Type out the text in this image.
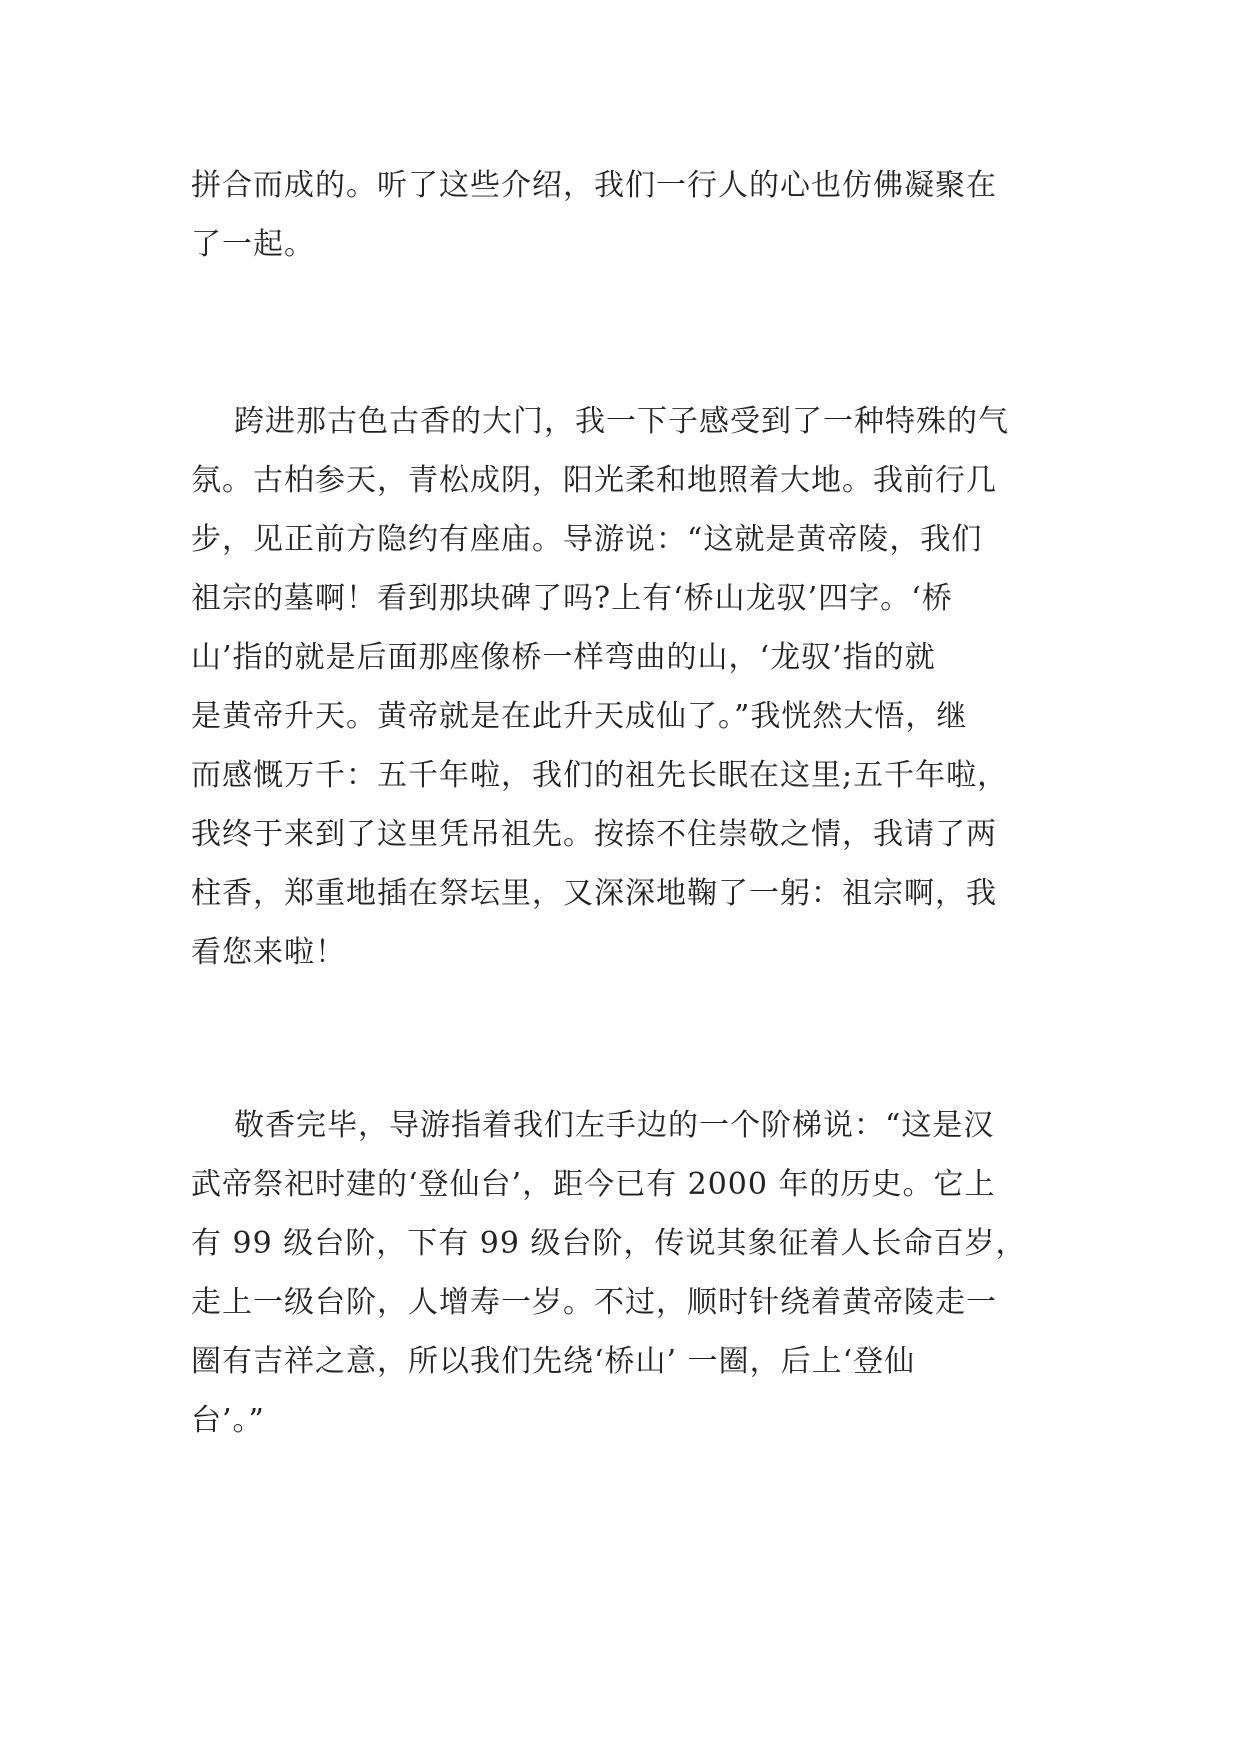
拼合而成的。听了这些介绍，我们一行人的心也仿佛凝聚在
了一起。
跨进那古色古香的大门，我一下子感受到了一种特殊的气
氛。古柏参天，青松成阴，阳光柔和地照着大地。我前行几
步，见正前方隐约有座庙。导游说：“这就是黄帝陵，我们
祖宗的墓啊！看到那块碑了吗?上有‘桥山龙驭’四字。‘桥
山’指的就是后面那座像桥一样弯曲的山，‘龙驭’指的就
是黄帝升天。黄帝就是在此升天成仙了。”我恍然大悟，继
而感慨万千：五千年啦，我们的祖先长眠在这里;五千年啦，
我终于来到了这里凭吊祖先。按捺不住崇敬之情，我请了两
柱香，郑重地插在祭坛里，又深深地鞠了一躬：祖宗啊，我
看您来啦！
敬香完毕，导游指着我们左手边的一个阶梯说：“这是汉
武帝祭祀时建的‘登仙台’，距今已有 2000 年的历史。它上
有 99 级台阶，下有 99 级台阶，传说其象征着人长命百岁，
走上一级台阶，人增寿一岁。不过，顺时针绕着黄帝陵走一
圈有吉祥之意，所以我们先绕‘桥山’ 一圈，后上‘登仙
台’。”
